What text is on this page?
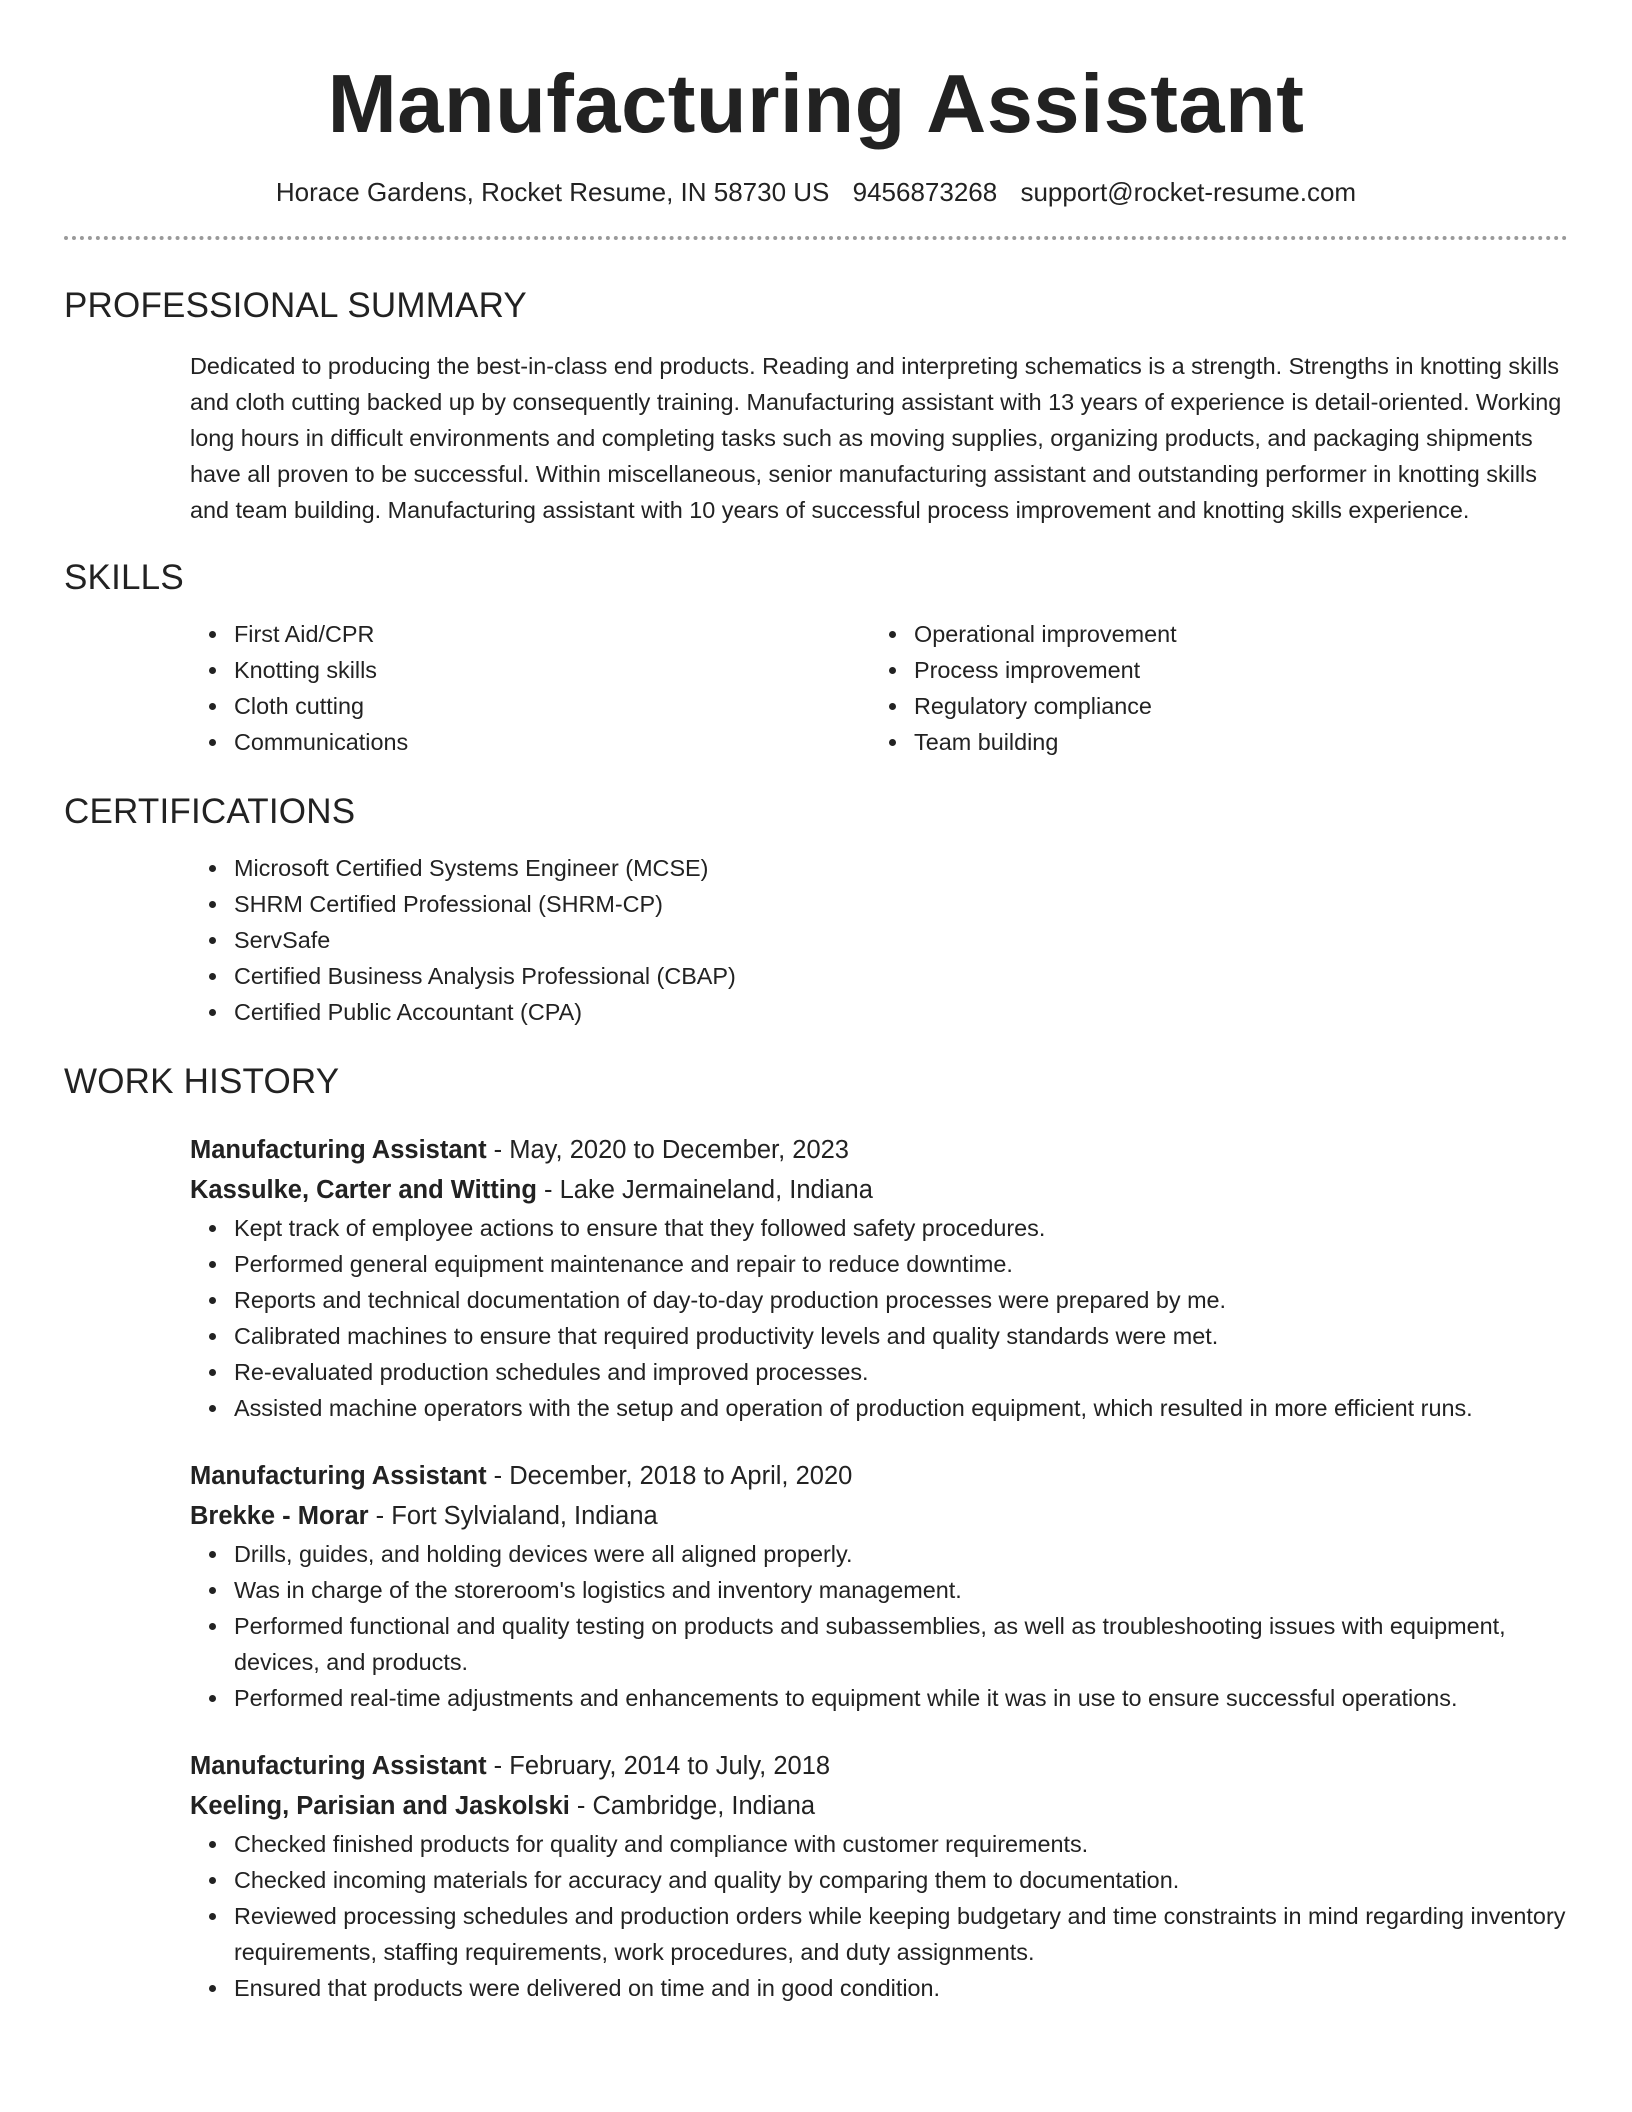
Manufacturing Assistant
Horace Gardens, Rocket Resume, IN 58730 US 9456873268 support@rocket-resume.com
PROFESSIONAL SUMMARY

Dedicated to producing the best-in-class end products. Reading and interpreting schematics is a strength. Strengths in knotting skills and cloth cutting backed up by consequently training. Manufacturing assistant with 13 years of experience is detail-oriented. Working long hours in difficult environments and completing tasks such as moving supplies, organizing products, and packaging shipments have all proven to be successful. Within miscellaneous, senior manufacturing assistant and outstanding performer in knotting skills and team building. Manufacturing assistant with 10 years of successful process improvement and knotting skills experience.

SKILLS
First Aid/CPR
Knotting skills
Cloth cutting
Communications
Operational improvement
Process improvement
Regulatory compliance
Team building
CERTIFICATIONS
Microsoft Certified Systems Engineer (MCSE)
SHRM Certified Professional (SHRM-CP)
ServSafe
Certified Business Analysis Professional (CBAP)
Certified Public Accountant (CPA)
WORK HISTORY
Manufacturing Assistant - May, 2020 to December, 2023
Kassulke, Carter and Witting - Lake Jermaineland, Indiana
Kept track of employee actions to ensure that they followed safety procedures.
Performed general equipment maintenance and repair to reduce downtime.
Reports and technical documentation of day-to-day production processes were prepared by me.
Calibrated machines to ensure that required productivity levels and quality standards were met.
Re-evaluated production schedules and improved processes.
Assisted machine operators with the setup and operation of production equipment, which resulted in more efficient runs.
Manufacturing Assistant - December, 2018 to April, 2020
Brekke - Morar - Fort Sylvialand, Indiana
Drills, guides, and holding devices were all aligned properly.
Was in charge of the storeroom's logistics and inventory management.
Performed functional and quality testing on products and subassemblies, as well as troubleshooting issues with equipment, devices, and products.
Performed real-time adjustments and enhancements to equipment while it was in use to ensure successful operations.
Manufacturing Assistant - February, 2014 to July, 2018
Keeling, Parisian and Jaskolski - Cambridge, Indiana
Checked finished products for quality and compliance with customer requirements.
Checked incoming materials for accuracy and quality by comparing them to documentation.
Reviewed processing schedules and production orders while keeping budgetary and time constraints in mind regarding inventory requirements, staffing requirements, work procedures, and duty assignments.
Ensured that products were delivered on time and in good condition.
